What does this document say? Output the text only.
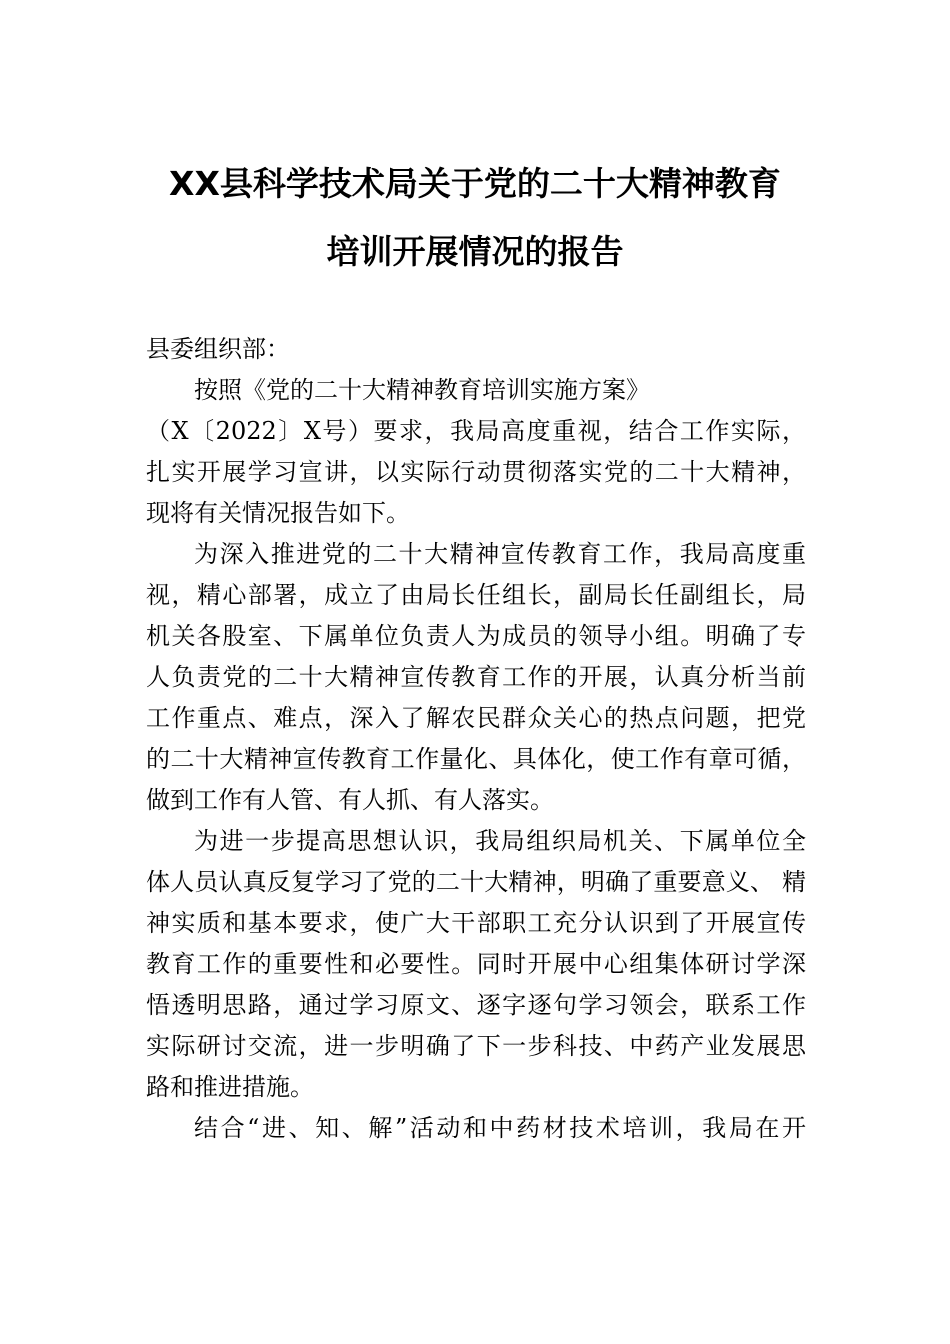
XX县科学技术局关于党的二十大精神教育
培训开展情况的报告
县委组织部：
按照《党的二十大精神教育培训实施方案》
（X〔2022〕X号）要求，我局高度重视，结合工作实际，
扎实开展学习宣讲，以实际行动贯彻落实党的二十大精神，
现将有关情况报告如下。
为深入推进党的二十大精神宣传教育工作，我局高度重
视，精心部署，成立了由局长任组长，副局长任副组长，局
机关各股室、下属单位负责人为成员的领导小组。明确了专
人负责党的二十大精神宣传教育工作的开展，认真分析当前
工作重点、难点，深入了解农民群众关心的热点问题，把党
的二十大精神宣传教育工作量化、具体化，使工作有章可循，
做到工作有人管、有人抓、有人落实。
为进一步提高思想认识，我局组织局机关、下属单位全
体人员认真反复学习了党的二十大精神，明确了重要意义、 精
神实质和基本要求，使广大干部职工充分认识到了开展宣传
教育工作的重要性和必要性。同时开展中心组集体研讨学深
悟透明思路，通过学习原文、逐字逐句学习领会，联系工作
实际研讨交流，进一步明确了下一步科技、中药产业发展思
路和推进措施。
结合“进、知、解”活动和中药材技术培训，我局在开
